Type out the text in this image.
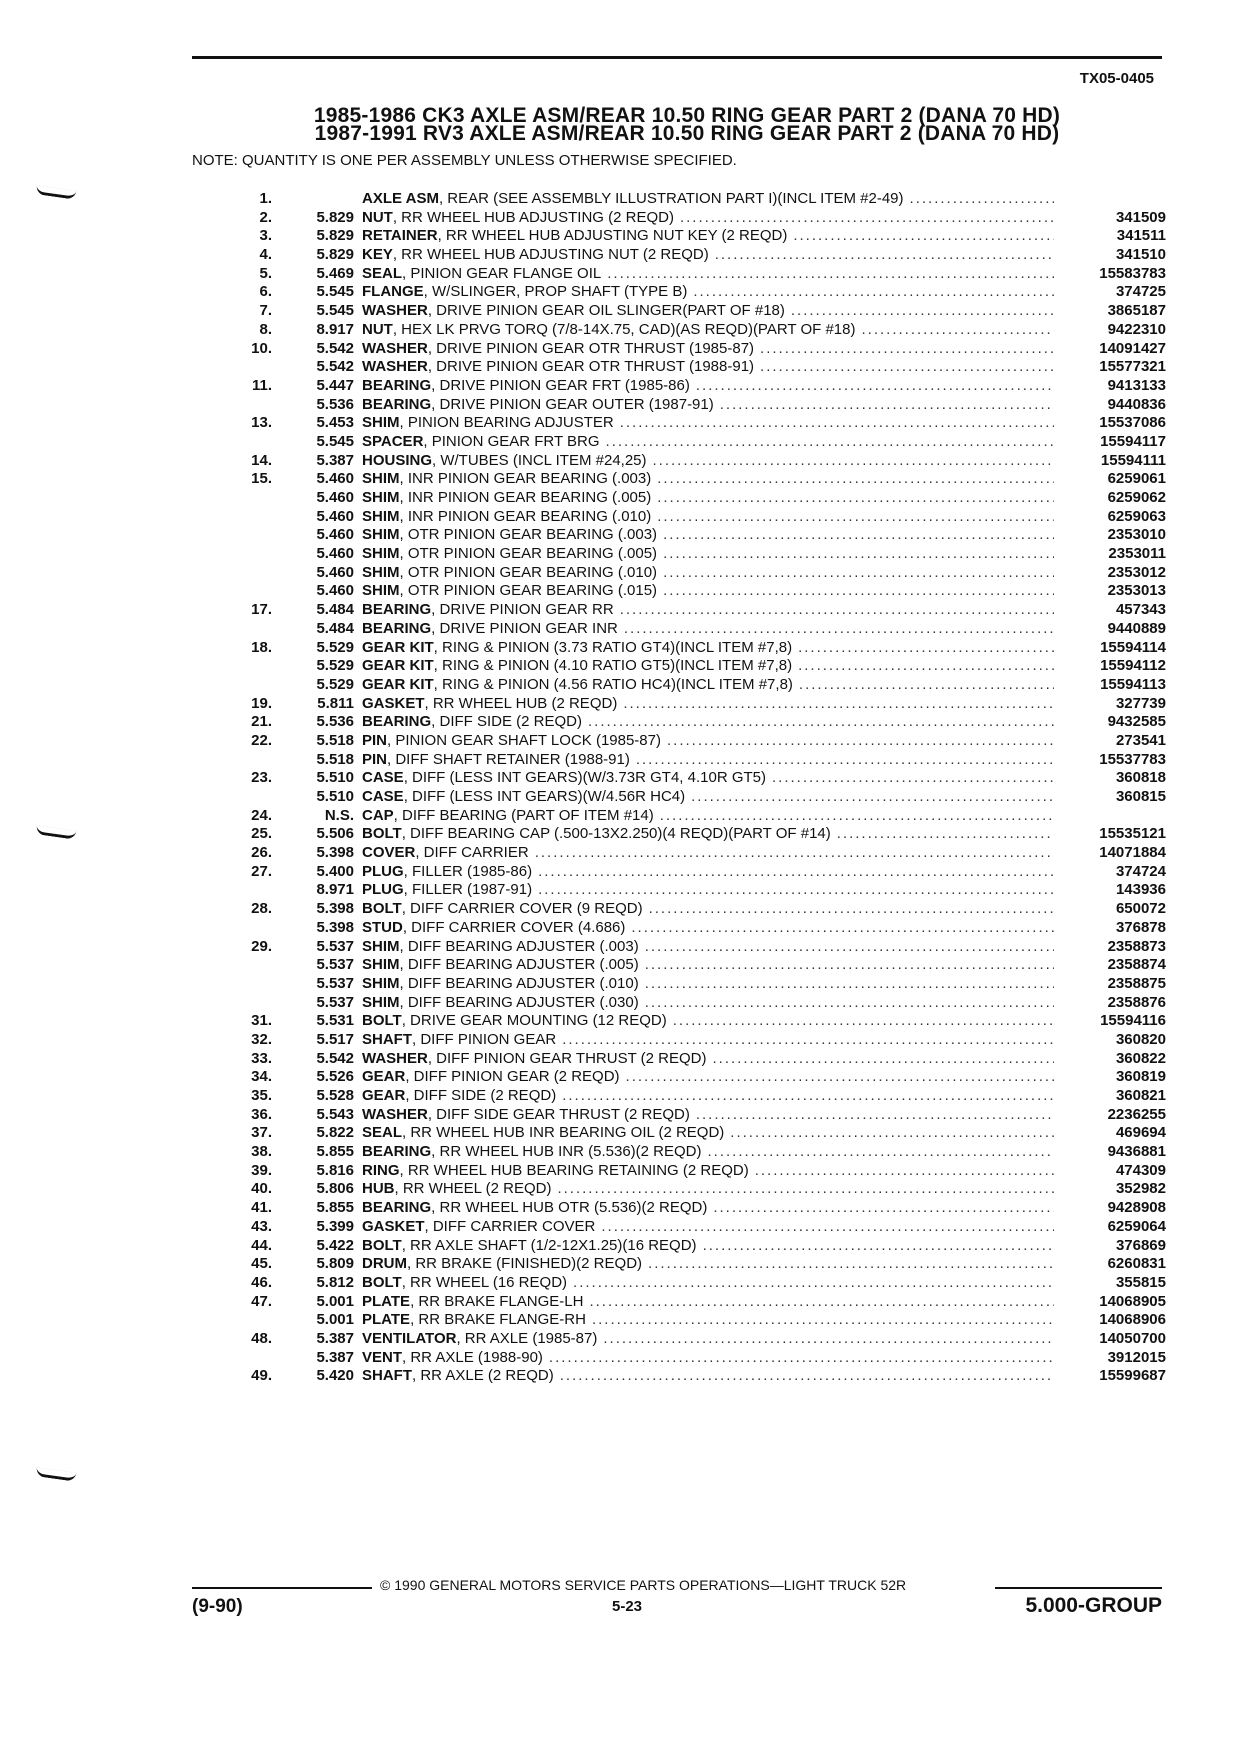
TX05-0405
1985-1986 CK3 AXLE ASM/REAR 10.50 RING GEAR PART 2 (DANA 70 HD)
1987-1991 RV3 AXLE ASM/REAR 10.50 RING GEAR PART 2 (DANA 70 HD)
NOTE: QUANTITY IS ONE PER ASSEMBLY UNLESS OTHERWISE SPECIFIED.
1.	AXLE ASM , REAR (SEE ASSEMBLY ILLUSTRATION PART I)(INCL ITEM #2-49)
.....
2.	5.829 NUT , RR WHEEL HUB ADJUSTING (2 REQD) .....	341509
3.	5.829 RETAINER , RR WHEEL HUB ADJUSTING NUT KEY (2 REQD) .....	341511
4.	5.829 KEY , RR WHEEL HUB ADJUSTING NUT (2 REQD) .....	341510
5.	5.469 SEAL , PINION GEAR FLANGE OIL .....	15583783
6.	5.545 FLANGE , W/SLINGER, PROP SHAFT (TYPE B) .....	374725
7.	5.545 WASHER , DRIVE PINION GEAR OIL SLINGER(PART OF #18) .....	3865187
8.	8.917 NUT , HEX LK PRVG TORQ (7/8-14X.75, CAD)(AS REQD)(PART OF #18) .....	9422310
10.	5.542 WASHER , DRIVE PINION GEAR OTR THRUST (1985-87) .....	14091427
5.542 WASHER , DRIVE PINION GEAR OTR THRUST (1988-91) .....	15577321
11.	5.447 BEARING , DRIVE PINION GEAR FRT (1985-86) .....	9413133
5.536 BEARING , DRIVE PINION GEAR OUTER (1987-91) .....	9440836
13.	5.453 SHIM , PINION BEARING ADJUSTER .....	15537086
5.545 SPACER , PINION GEAR FRT BRG .....	15594117
14.	5.387 HOUSING , W/TUBES (INCL ITEM #24,25) .....	15594111
15.	5.460 SHIM , INR PINION GEAR BEARING (.003) .....	6259061
5.460 SHIM , INR PINION GEAR BEARING (.005) .....	6259062
5.460 SHIM , INR PINION GEAR BEARING (.010) .....	6259063
5.460 SHIM , OTR PINION GEAR BEARING (.003) .....	2353010
5.460 SHIM , OTR PINION GEAR BEARING (.005) .....	2353011
5.460 SHIM , OTR PINION GEAR BEARING (.010) .....	2353012
5.460 SHIM , OTR PINION GEAR BEARING (.015) .....	2353013
17.	5.484 BEARING , DRIVE PINION GEAR RR .....	457343
5.484 BEARING , DRIVE PINION GEAR INR .....	9440889
18.	5.529 GEAR KIT , RING & PINION (3.73 RATIO GT4)(INCL ITEM #7,8) .....	15594114
5.529 GEAR KIT , RING & PINION (4.10 RATIO GT5)(INCL ITEM #7,8) .....	15594112
5.529 GEAR KIT , RING & PINION (4.56 RATIO HC4)(INCL ITEM #7,8) .....	15594113
19.	5.811 GASKET , RR WHEEL HUB (2 REQD) .....	327739
21.	5.536 BEARING , DIFF SIDE (2 REQD) .....	9432585
22.	5.518 PIN , PINION GEAR SHAFT LOCK (1985-87) .....	273541
5.518 PIN , DIFF SHAFT RETAINER (1988-91) .....	15537783
23.	5.510 CASE , DIFF (LESS INT GEARS)(W/3.73R GT4, 4.10R GT5) .....	360818
5.510 CASE , DIFF (LESS INT GEARS)(W/4.56R HC4) .....	360815
24.	N.S. CAP , DIFF BEARING (PART OF ITEM #14)
.....
25.	5.506 BOLT , DIFF BEARING CAP (.500-13X2.250)(4 REQD)(PART OF #14) .....	15535121
26.	5.398 COVER , DIFF CARRIER .....	14071884
27.	5.400 PLUG , FILLER (1985-86) .....	374724
8.971 PLUG , FILLER (1987-91) .....	143936
28.	5.398 BOLT , DIFF CARRIER COVER (9 REQD) .....	650072
5.398 STUD , DIFF CARRIER COVER (4.686) .....	376878
29.	5.537 SHIM , DIFF BEARING ADJUSTER (.003) .....	2358873
5.537 SHIM , DIFF BEARING ADJUSTER (.005) .....	2358874
5.537 SHIM , DIFF BEARING ADJUSTER (.010) .....	2358875
5.537 SHIM , DIFF BEARING ADJUSTER (.030) .....	2358876
31.	5.531 BOLT , DRIVE GEAR MOUNTING (12 REQD) .....	15594116
32.	5.517 SHAFT , DIFF PINION GEAR .....	360820
33.	5.542 WASHER , DIFF PINION GEAR THRUST (2 REQD) .....	360822
34.	5.526 GEAR , DIFF PINION GEAR (2 REQD) .....	360819
35.	5.528 GEAR , DIFF SIDE (2 REQD) .....	360821
36.	5.543 WASHER , DIFF SIDE GEAR THRUST (2 REQD) .....	2236255
37.	5.822 SEAL , RR WHEEL HUB INR BEARING OIL (2 REQD) .....	469694
38.	5.855 BEARING , RR WHEEL HUB INR (5.536)(2 REQD) .....	9436881
39.	5.816 RING , RR WHEEL HUB BEARING RETAINING (2 REQD) .....	474309
40.	5.806 HUB , RR WHEEL (2 REQD) .....	352982
41.	5.855 BEARING , RR WHEEL HUB OTR (5.536)(2 REQD) .....	9428908
43.	5.399 GASKET , DIFF CARRIER COVER .....	6259064
44.	5.422 BOLT , RR AXLE SHAFT (1/2-12X1.25)(16 REQD) .....	376869
45.	5.809 DRUM , RR BRAKE (FINISHED)(2 REQD) .....	6260831
46.	5.812 BOLT , RR WHEEL (16 REQD) .....	355815
47.	5.001 PLATE , RR BRAKE FLANGE-LH .....	14068905
5.001 PLATE , RR BRAKE FLANGE-RH .....	14068906
48.	5.387 VENTILATOR , RR AXLE (1985-87) .....	14050700
5.387 VENT , RR AXLE (1988-90) .....	3912015
49.	5.420 SHAFT , RR AXLE (2 REQD) .....	15599687
© 1990 GENERAL MOTORS SERVICE PARTS OPERATIONS—LIGHT TRUCK 52R
(9-90)	5-23	5.000-GROUP
